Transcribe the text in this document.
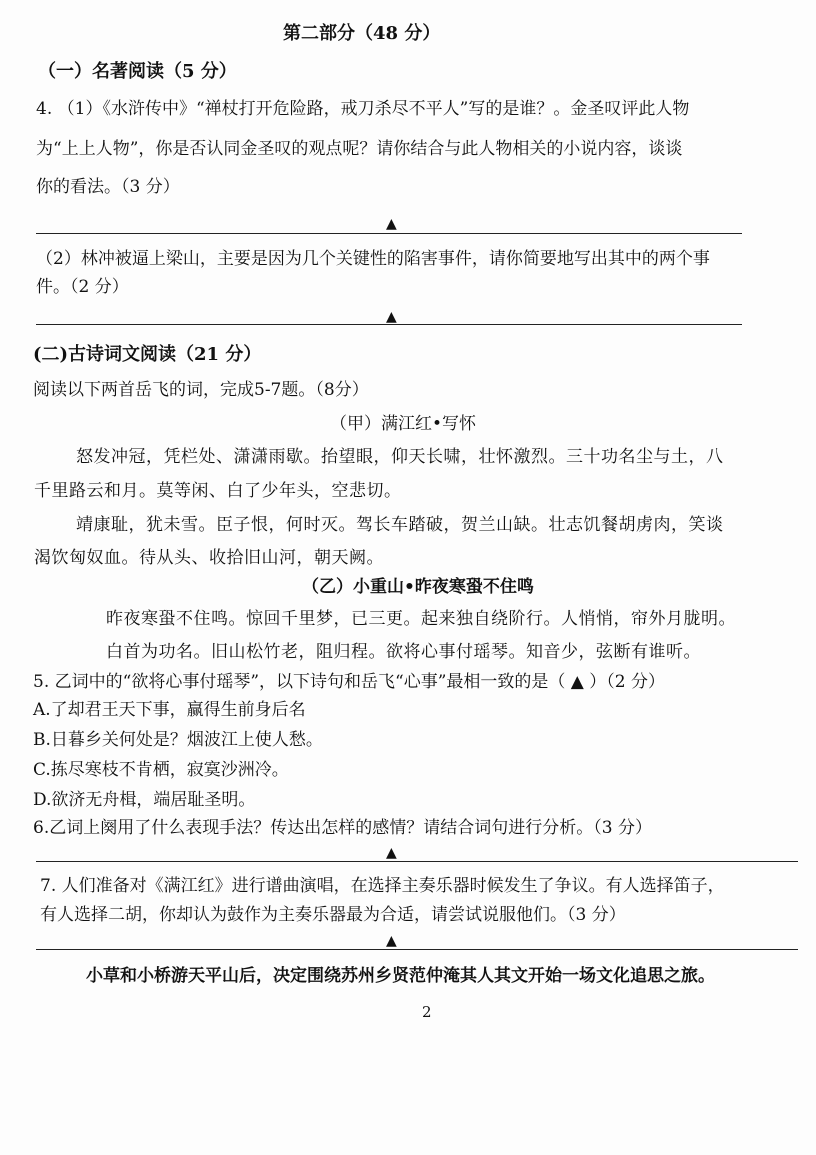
第二部分（48 分）
（一）名著阅读（5 分）
4. （1）《水浒传中》“禅杖打开危险路，戒刀杀尽不平人”写的是谁？。金圣叹评此人物
为“上上人物”，你是否认同金圣叹的观点呢？请你结合与此人物相关的小说内容，谈谈
你的看法。（3 分）
▲
（2）林冲被逼上梁山，主要是因为几个关键性的陷害事件，请你简要地写出其中的两个事
件。（2 分）
▲
(二)古诗词文阅读（21 分）
阅读以下两首岳飞的词，完成5-7题。（8分）
（甲）满江红•写怀
怒发冲冠，凭栏处、潇潇雨歇。抬望眼，仰天长啸，壮怀激烈。三十功名尘与土，八
千里路云和月。莫等闲、白了少年头，空悲切。
靖康耻，犹未雪。臣子恨，何时灭。驾长车踏破，贺兰山缺。壮志饥餐胡虏肉，笑谈
渴饮匈奴血。待从头、收拾旧山河，朝天阙。
（乙）小重山•昨夜寒蛩不住鸣
昨夜寒蛩不住鸣。惊回千里梦，已三更。起来独自绕阶行。人悄悄，帘外月胧明。
白首为功名。旧山松竹老，阻归程。欲将心事付瑶琴。知音少，弦断有谁听。
5. 乙词中的“欲将心事付瑶琴”，以下诗句和岳飞“心事”最相一致的是（ ▲ ）（2 分）
A.了却君王天下事，赢得生前身后名
B.日暮乡关何处是？烟波江上使人愁。
C.拣尽寒枝不肯栖，寂寞沙洲冷。
D.欲济无舟楫，端居耻圣明。
6.乙词上阕用了什么表现手法？传达出怎样的感情？请结合词句进行分析。（3 分）
▲
7. 人们准备对《满江红》进行谱曲演唱，在选择主奏乐器时候发生了争议。有人选择笛子，
有人选择二胡，你却认为鼓作为主奏乐器最为合适，请尝试说服他们。（3 分）
▲
小草和小桥游天平山后，决定围绕苏州乡贤范仲淹其人其文开始一场文化追思之旅。
2
